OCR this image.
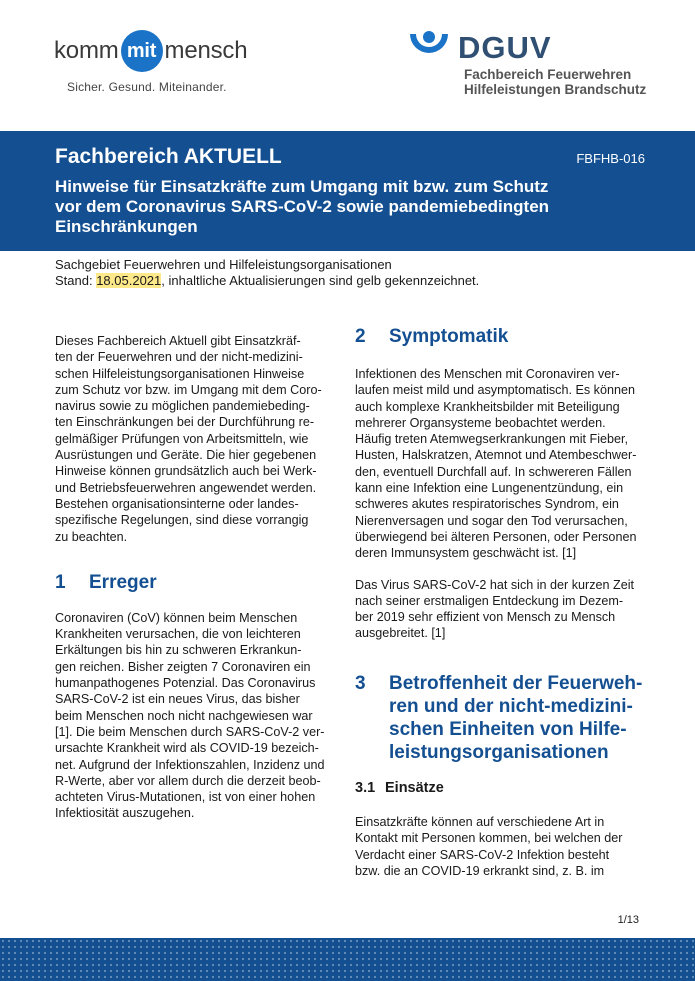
komm mit mensch
Sicher. Gesund. Miteinander.
DGUV
Fachbereich Feuerwehren
Hilfeleistungen Brandschutz
Fachbereich AKTUELL	FBFHB-016
Hinweise für Einsatzkräfte zum Umgang mit bzw. zum Schutz
vor dem Coronavirus SARS-CoV-2 sowie pandemiebedingten
Einschränkungen
Sachgebiet Feuerwehren und Hilfeleistungsorganisationen
Stand: 18.05.2021, inhaltliche Aktualisierungen sind gelb gekennzeichnet.

Dieses Fachbereich Aktuell gibt Einsatzkräf-
ten der Feuerwehren und der nicht-medizini-
schen Hilfeleistungsorganisationen Hinweise
zum Schutz vor bzw. im Umgang mit dem Coro-
navirus sowie zu möglichen pandemiebeding-
ten Einschränkungen bei der Durchführung re-
gelmäßiger Prüfungen von Arbeitsmitteln, wie
Ausrüstungen und Geräte. Die hier gegebenen
Hinweise können grundsätzlich auch bei Werk-
und Betriebsfeuerwehren angewendet werden.
Bestehen organisationsinterne oder landes-
spezifische Regelungen, sind diese vorrangig
zu beachten.

1	Erreger

Coronaviren (CoV) können beim Menschen
Krankheiten verursachen, die von leichteren
Erkältungen bis hin zu schweren Erkrankun-
gen reichen. Bisher zeigten 7 Coronaviren ein
humanpathogenes Potenzial. Das Coronavirus
SARS-CoV-2 ist ein neues Virus, das bisher
beim Menschen noch nicht nachgewiesen war
[1]. Die beim Menschen durch SARS-CoV-2 ver-
ursachte Krankheit wird als COVID-19 bezeich-
net. Aufgrund der Infektionszahlen, Inzidenz und
R-Werte, aber vor allem durch die derzeit beob-
achteten Virus-Mutationen, ist von einer hohen
Infektiosität auszugehen.

2	Symptomatik

Infektionen des Menschen mit Coronaviren ver-
laufen meist mild und asymptomatisch. Es können
auch komplexe Krankheitsbilder mit Beteiligung
mehrerer Organsysteme beobachtet werden.
Häufig treten Atemwegserkrankungen mit Fieber,
Husten, Halskratzen, Atemnot und Atembeschwer-
den, eventuell Durchfall auf. In schwereren Fällen
kann eine Infektion eine Lungenentzündung, ein
schweres akutes respiratorisches Syndrom, ein
Nierenversagen und sogar den Tod verursachen,
überwiegend bei älteren Personen, oder Personen
deren Immunsystem geschwächt ist. [1]

Das Virus SARS-CoV-2 hat sich in der kurzen Zeit
nach seiner erstmaligen Entdeckung im Dezem-
ber 2019 sehr effizient von Mensch zu Mensch
ausgebreitet. [1]

3	Betroffenheit der Feuerweh-
ren und der nicht-medizini-
schen Einheiten von Hilfe-
leistungsorganisationen
3.1 Einsätze

Einsatzkräfte können auf verschiedene Art in
Kontakt mit Personen kommen, bei welchen der
Verdacht einer SARS-CoV-2 Infektion besteht
bzw. die an COVID-19 erkrankt sind, z. B. im

1/13
